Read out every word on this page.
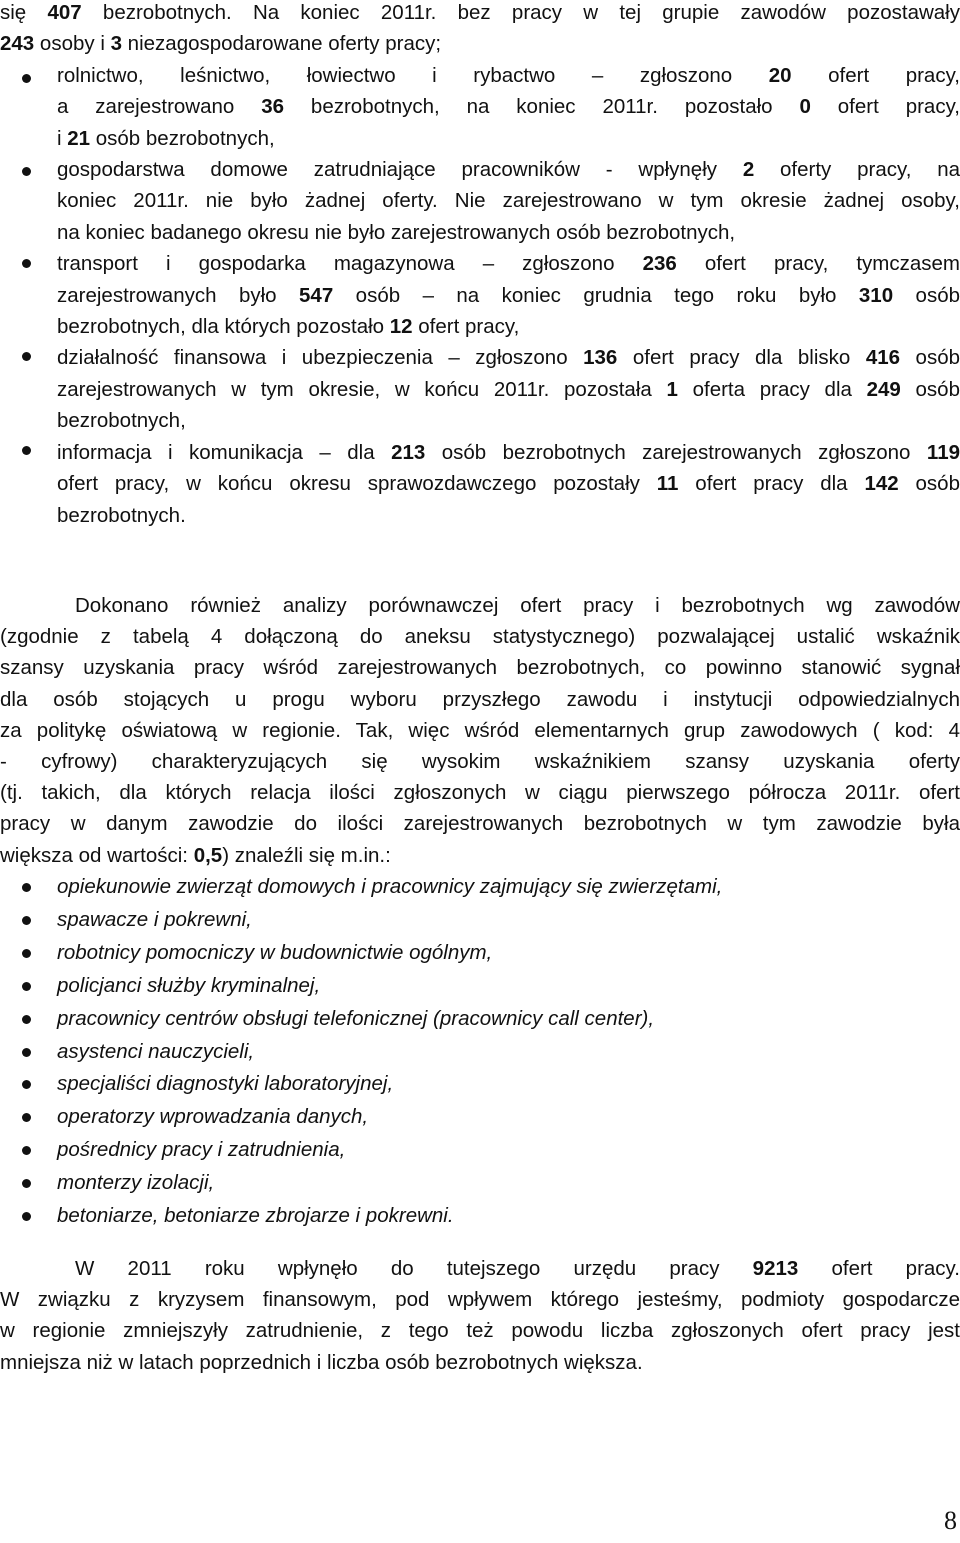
się 407 bezrobotnych. Na koniec 2011r. bez pracy w tej grupie zawodów pozostawały

243 osoby i 3 niezagospodarowane oferty pracy;

rolnictwo, leśnictwo, łowiectwo i rybactwo – zgłoszono 20 ofert pracy,

a zarejestrowano 36 bezrobotnych, na koniec 2011r. pozostało 0 ofert pracy,

i 21 osób bezrobotnych,

gospodarstwa domowe zatrudniające pracowników - wpłynęły 2 oferty pracy, na

koniec 2011r. nie było żadnej oferty. Nie zarejestrowano w tym okresie żadnej osoby,

na koniec badanego okresu nie było zarejestrowanych osób bezrobotnych,

transport i gospodarka magazynowa – zgłoszono 236 ofert pracy, tymczasem

zarejestrowanych było 547 osób – na koniec grudnia tego roku było 310 osób

bezrobotnych, dla których pozostało 12 ofert pracy,

działalność finansowa i ubezpieczenia – zgłoszono 136 ofert pracy dla blisko 416 osób

zarejestrowanych w tym okresie, w końcu 2011r. pozostała 1 oferta pracy dla 249 osób

bezrobotnych,

informacja i komunikacja – dla 213 osób bezrobotnych zarejestrowanych zgłoszono 119

ofert pracy, w końcu okresu sprawozdawczego pozostały 11 ofert pracy dla 142 osób

bezrobotnych.

Dokonano również analizy porównawczej ofert pracy i bezrobotnych wg zawodów

(zgodnie z tabelą 4 dołączoną do aneksu statystycznego) pozwalającej ustalić wskaźnik

szansy uzyskania pracy wśród zarejestrowanych bezrobotnych, co powinno stanowić sygnał

dla osób stojących u progu wyboru przyszłego zawodu i instytucji odpowiedzialnych

za politykę oświatową w regionie. Tak, więc wśród elementarnych grup zawodowych ( kod: 4

- cyfrowy) charakteryzujących się wysokim wskaźnikiem szansy uzyskania oferty

(tj. takich, dla których relacja ilości zgłoszonych w ciągu pierwszego półrocza 2011r. ofert

pracy w danym zawodzie do ilości zarejestrowanych bezrobotnych w tym zawodzie była

większa od wartości: 0,5) znaleźli się m.in.:

opiekunowie zwierząt domowych i pracownicy zajmujący się zwierzętami,
spawacze i pokrewni,
robotnicy pomocniczy w budownictwie ogólnym,
policjanci służby kryminalnej,
pracownicy centrów obsługi telefonicznej (pracownicy call center),
asystenci nauczycieli,
specjaliści diagnostyki laboratoryjnej,
operatorzy wprowadzania danych,
pośrednicy pracy i zatrudnienia,
monterzy izolacji,
betoniarze, betoniarze zbrojarze i pokrewni.

W 2011 roku wpłynęło do tutejszego urzędu pracy 9213 ofert pracy.

W związku z kryzysem finansowym, pod wpływem którego jesteśmy, podmioty gospodarcze

w regionie zmniejszyły zatrudnienie, z tego też powodu liczba zgłoszonych ofert pracy jest

mniejsza niż w latach poprzednich i liczba osób bezrobotnych większa.

8
